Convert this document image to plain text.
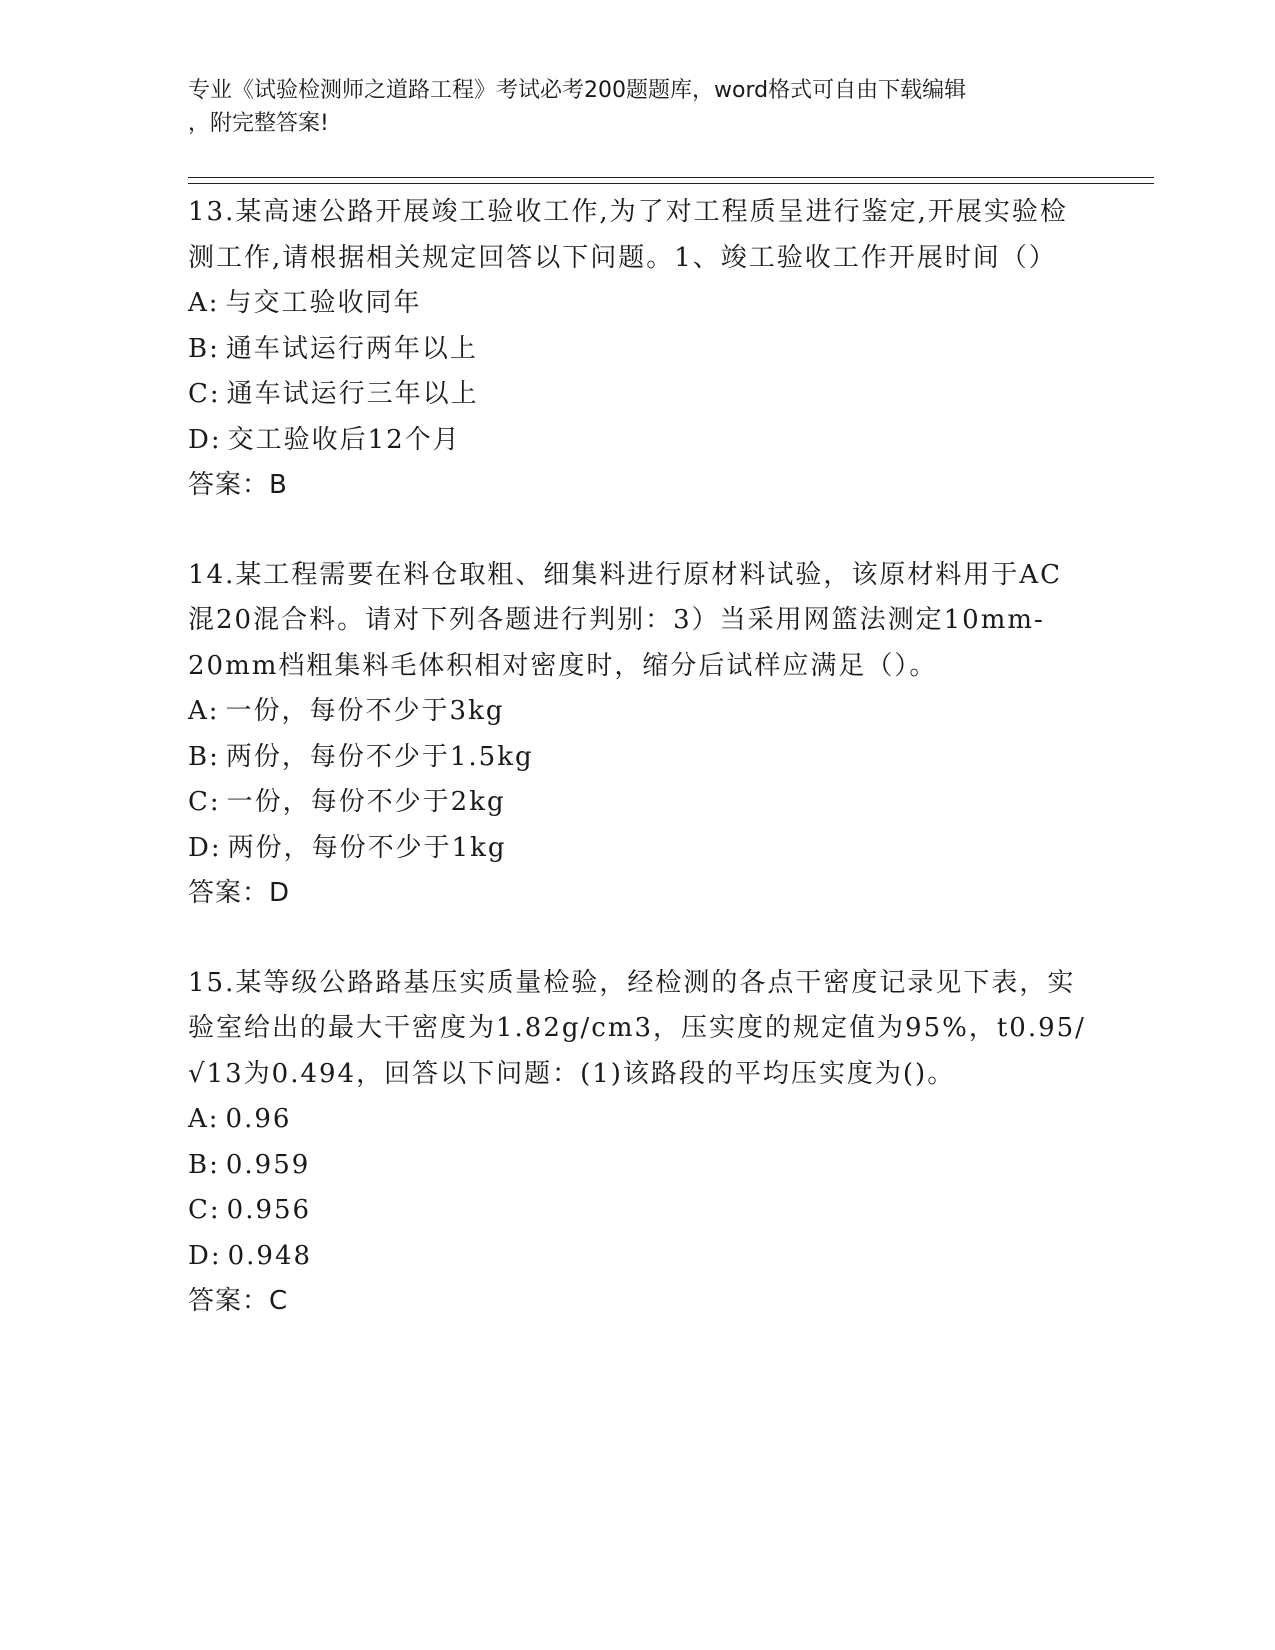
专业《试验检测师之道路工程》考试必考200题题库，word格式可自由下载编辑
，附完整答案!
13.某高速公路开展竣工验收工作,为了对工程质呈进行鉴定,开展实验检测工作,请根据相关规定回答以下问题。1、竣工验收工作开展时间（）
A: 与交工验收同年
B: 通车试运行两年以上
C: 通车试运行三年以上
D: 交工验收后12个月
答案：B
14.某工程需要在料仓取粗、细集料进行原材料试验，该原材料用于AC混20混合料。请对下列各题进行判别：3）当采用网篮法测定10mm-20mm档粗集料毛体积相对密度时，缩分后试样应满足（）。
A: 一份，每份不少于3kg
B: 两份，每份不少于1.5kg
C: 一份，每份不少于2kg
D: 两份，每份不少于1kg
答案：D
15.某等级公路路基压实质量检验，经检测的各点干密度记录见下表，实验室给出的最大干密度为1.82g/cm3，压实度的规定值为95%，t0.95/√13为0.494，回答以下问题：(1)该路段的平均压实度为()。
A: 0.96
B: 0.959
C: 0.956
D: 0.948
答案：C
